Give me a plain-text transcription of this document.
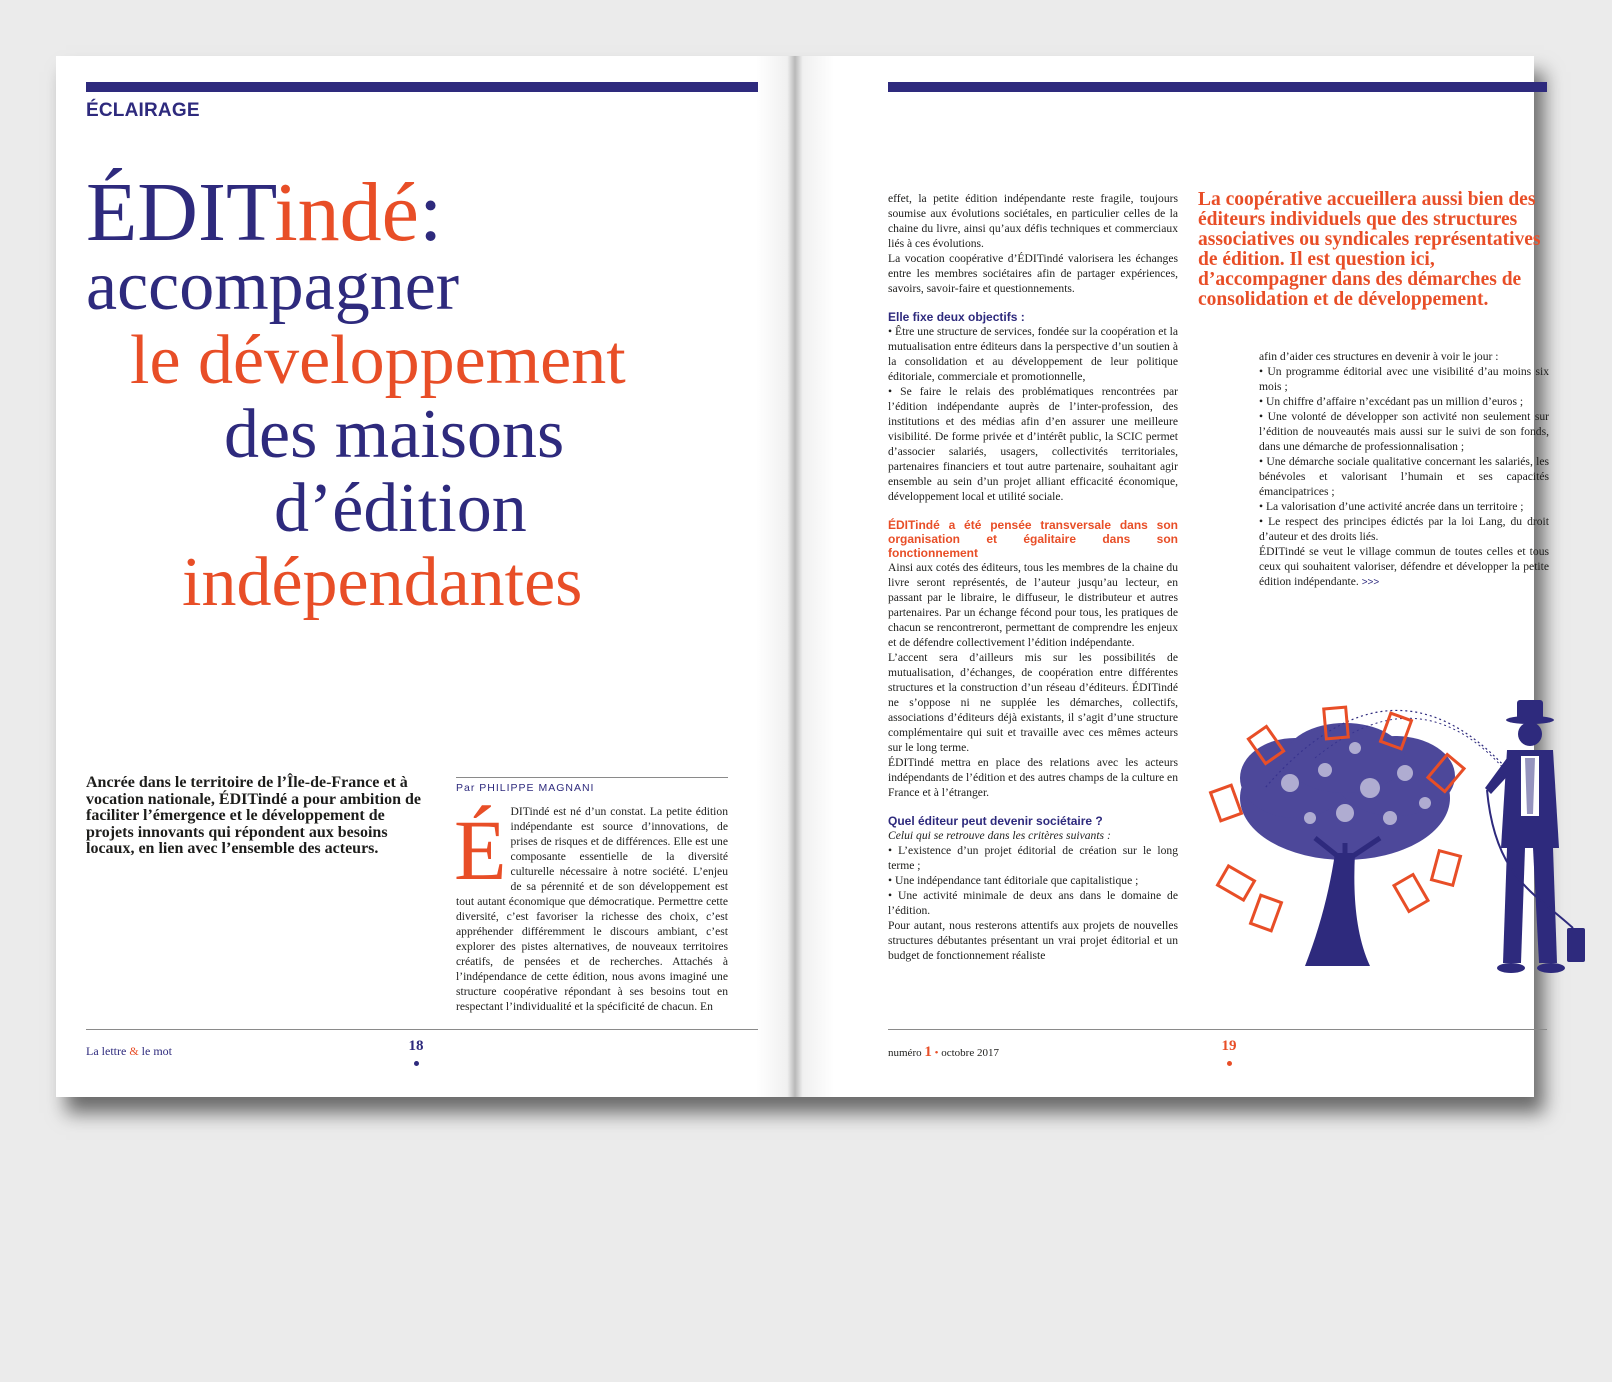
ÉCLAIRAGE
ÉDITindé:
accompagner
le développement
des maisons
d’édition
indépendantes
Ancrée dans le territoire de l’Île-de-France et à vocation nationale, ÉDITindé a pour ambition de faciliter l’émergence et le développement de projets innovants qui répondent aux besoins locaux, en lien avec l’ensemble des acteurs.
Par PHILIPPE MAGNANI
É DITindé est né d’un constat. La petite édition indépendante est source d’innovations, de prises de risques et de différences. Elle est une composante essentielle de la diversité culturelle nécessaire à notre société. L’enjeu de sa pérennité et de son développement est tout autant économique que démocratique. Permettre cette diversité, c’est favoriser la richesse des choix, c’est appréhender différemment le discours ambiant, c’est explorer des pistes alternatives, de nouveaux territoires créatifs, de pensées et de recherches. Attachés à l’indépendance de cette édition, nous avons imaginé une structure coopérative répondant à ses besoins tout en respectant l’individualité et la spécificité de chacun. En
La lettre & le mot	18

effet, la petite édition indépendante reste fragile, toujours soumise aux évolutions sociétales, en particulier celles de la chaine du livre, ainsi qu’aux défis techniques et commerciaux liés à ces évolutions.

La vocation coopérative d’ÉDITindé valorisera les échanges entre les membres sociétaires afin de partager expériences, savoirs, savoir-faire et questionnements.

Elle fixe deux objectifs :

• Être une structure de services, fondée sur la coopération et la mutualisation entre éditeurs dans la perspective d’un soutien à la consolidation et au développement de leur politique éditoriale, commerciale et promotionnelle,

• Se faire le relais des problématiques rencontrées par l’édition indépendante auprès de l’inter-profession, des institutions et des médias afin d’en assurer une meilleure visibilité. De forme privée et d’intérêt public, la SCIC permet d’associer salariés, usagers, collectivités territoriales, partenaires financiers et tout autre partenaire, souhaitant agir ensemble au sein d’un projet alliant efficacité économique, développement local et utilité sociale.

ÉDITindé a été pensée transversale dans son organisation et égalitaire dans son fonctionnement

Ainsi aux cotés des éditeurs, tous les membres de la chaine du livre seront représentés, de l’auteur jusqu’au lecteur, en passant par le libraire, le diffuseur, le distributeur et autres partenaires. Par un échange fécond pour tous, les pratiques de chacun se rencontreront, permettant de comprendre les enjeux et de défendre collectivement l’édition indépendante.

L’accent sera d’ailleurs mis sur les possibilités de mutualisation, d’échanges, de coopération entre différentes structures et la construction d’un réseau d’éditeurs. ÉDITindé ne s’oppose ni ne supplée les démarches, collectifs, associations d’éditeurs déjà existants, il s’agit d’une structure complémentaire qui suit et travaille avec ces mêmes acteurs sur le long terme.

ÉDITindé mettra en place des relations avec les acteurs indépendants de l’édition et des autres champs de la culture en France et à l’étranger.

Quel éditeur peut devenir sociétaire ?

Celui qui se retrouve dans les critères suivants :

• L’existence d’un projet éditorial de création sur le long terme ;

• Une indépendance tant éditoriale que capitalistique ;

• Une activité minimale de deux ans dans le domaine de l’édition.

Pour autant, nous resterons attentifs aux projets de nouvelles structures débutantes présentant un vrai projet éditorial et un budget de fonctionnement réaliste

La coopérative accueillera aussi bien des éditeurs individuels que des structures associatives ou syndicales représentatives de édition. Il est question ici, d’accompagner dans des démarches de consolidation et de développement.

afin d’aider ces structures en devenir à voir le jour :

• Un programme éditorial avec une visibilité d’au moins six mois ;

• Un chiffre d’affaire n’excédant pas un million d’euros ;

• Une volonté de développer son activité non seulement sur l’édition de nouveautés mais aussi sur le suivi de son fonds, dans une démarche de professionnalisation ;

• Une démarche sociale qualitative concernant les salariés, les bénévoles et valorisant l’humain et ses capacités émancipatrices ;

• La valorisation d’une activité ancrée dans un territoire ;

• Le respect des principes édictés par la loi Lang, du droit d’auteur et des droits liés.

ÉDITindé se veut le village commun de toutes celles et tous ceux qui souhaitent valoriser, défendre et développer la petite édition indépendante. >>>

numéro 1 • octobre 2017	19
